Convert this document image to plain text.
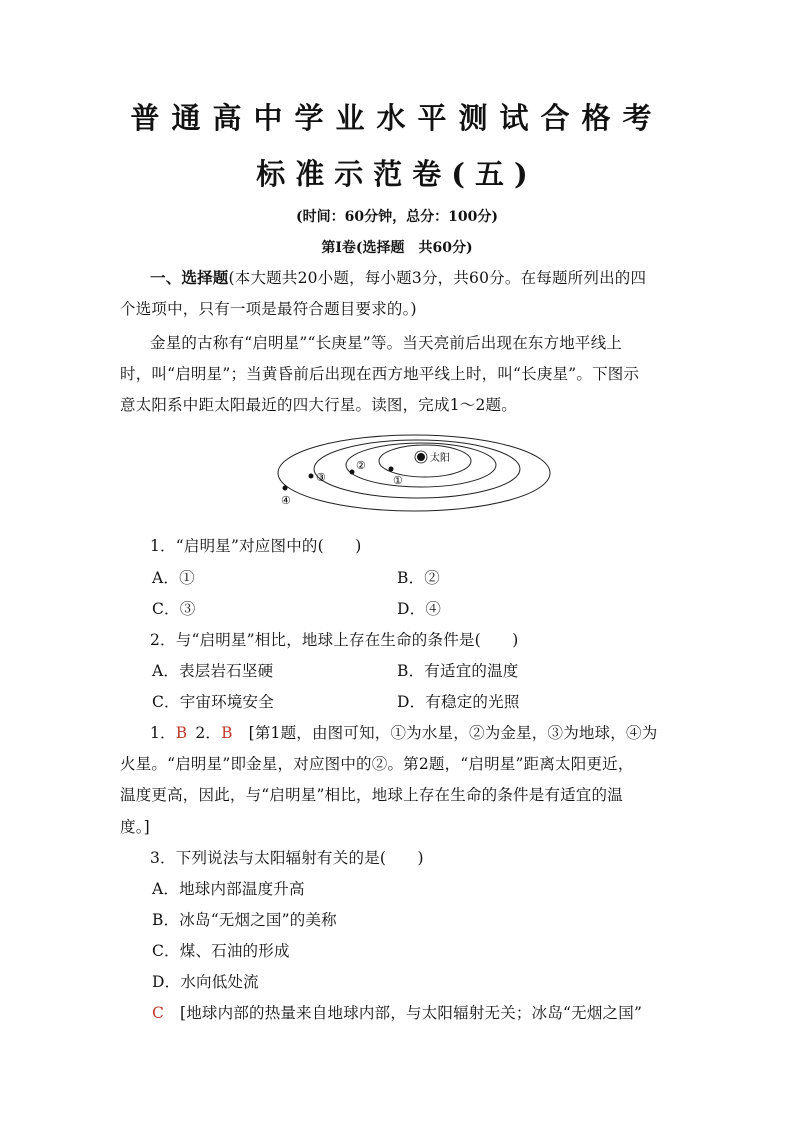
普通高中学业水平测试合格考
标准示范卷(五)
(时间：60分钟，总分：100分)
第Ⅰ卷(选择题　共60分)
一、选择题(本大题共20小题，每小题3分，共60分。在每题所列出的四
个选项中，只有一项是最符合题目要求的。)
金星的古称有“启明星”“长庚星”等。当天亮前后出现在东方地平线上
时，叫“启明星”；当黄昏前后出现在西方地平线上时，叫“长庚星”。下图示
意太阳系中距太阳最近的四大行星。读图，完成1～2题。
太阳
①
②
③
④
1．“启明星”对应图中的(　　)
A．①	B．②
C．③	D．④
2．与“启明星”相比，地球上存在生命的条件是(　　)
A．表层岩石坚硬	B．有适宜的温度
C．宇宙环境安全	D．有稳定的光照
1．B  2．B   [第1题，由图可知，①为水星，②为金星，③为地球，④为
火星。“启明星”即金星，对应图中的②。第2题，“启明星”距离太阳更近，
温度更高，因此，与“启明星”相比，地球上存在生命的条件是有适宜的温
度。]
3．下列说法与太阳辐射有关的是(　　)
A．地球内部温度升高
B．冰岛“无烟之国”的美称
C．煤、石油的形成
D．水向低处流
C   [地球内部的热量来自地球内部，与太阳辐射无关；冰岛“无烟之国”
